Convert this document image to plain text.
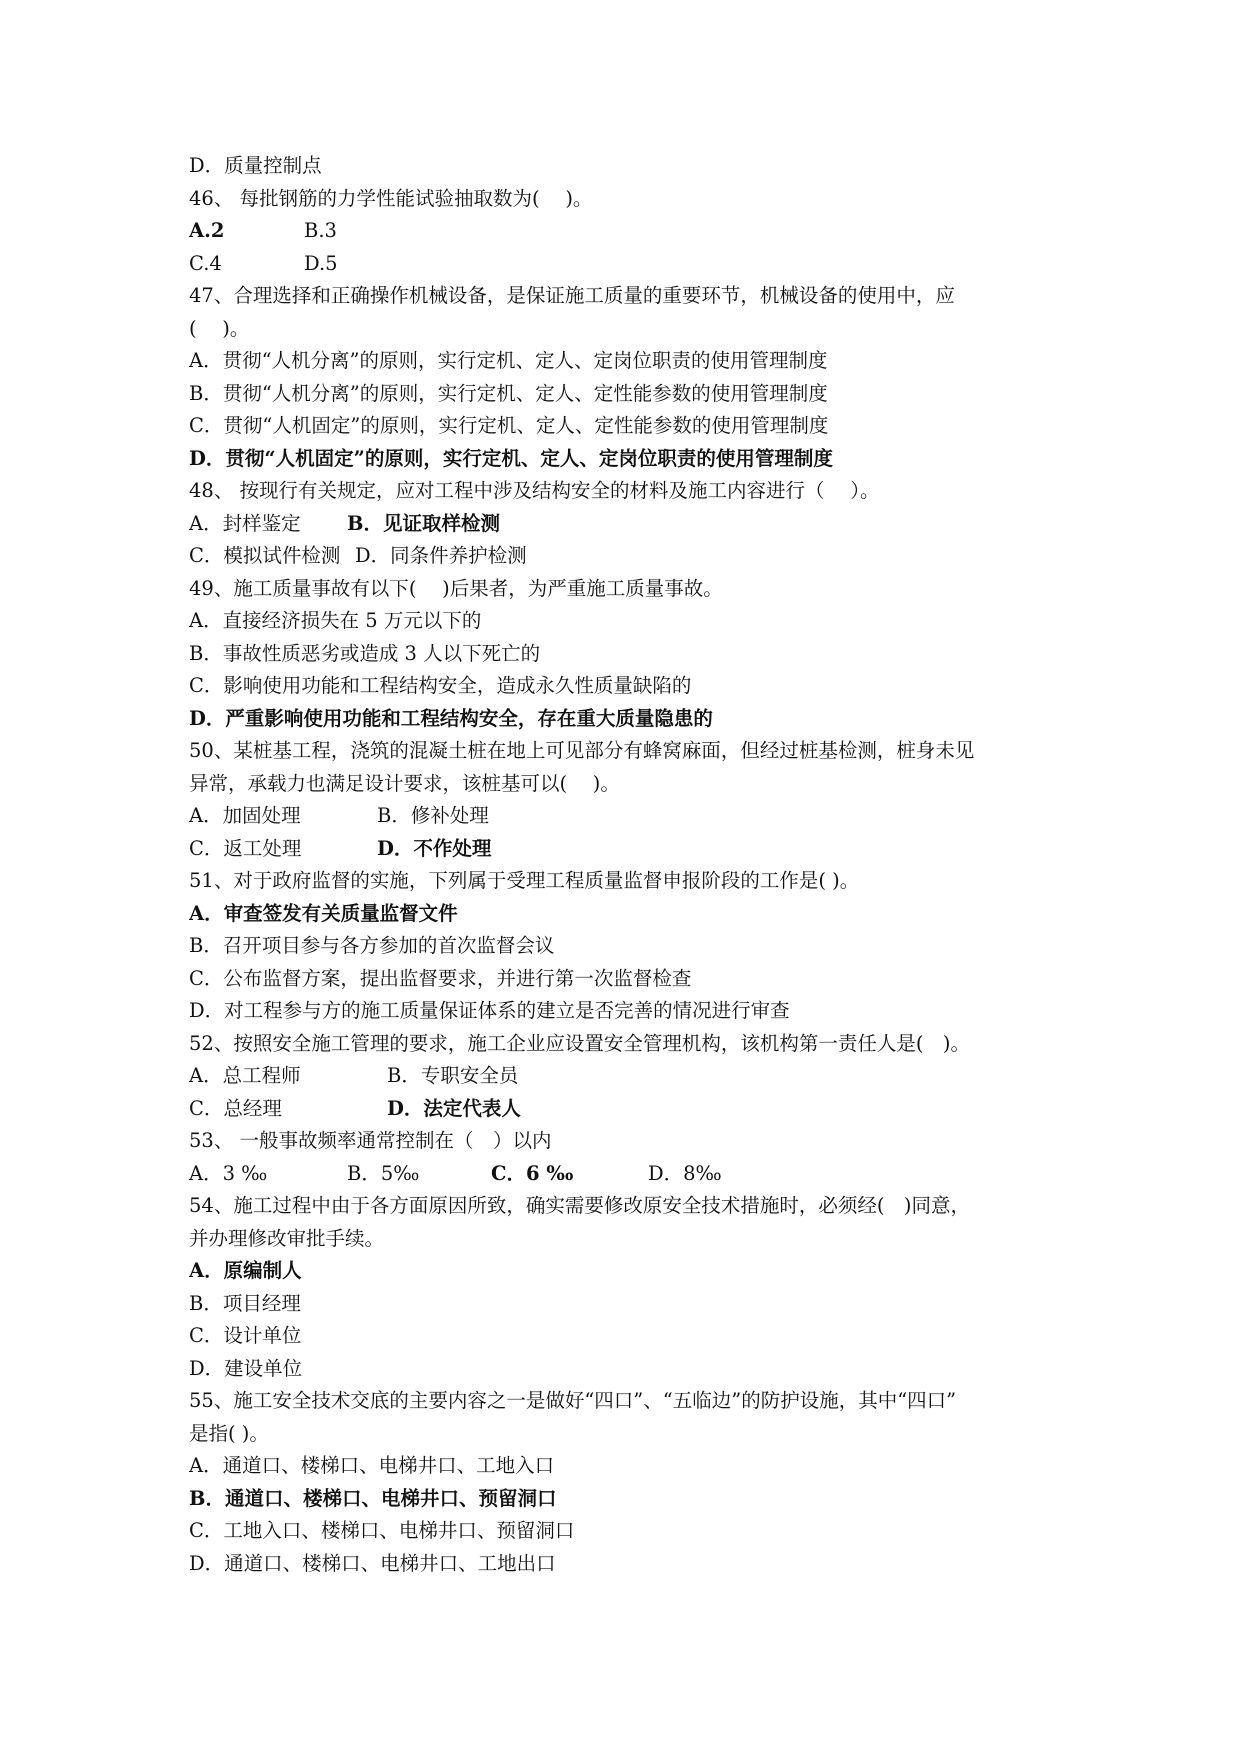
D．质量控制点
46、 每批钢筋的力学性能试验抽取数为(　 )。
A.2	B.3
C.4	D.5
47、合理选择和正确操作机械设备，是保证施工质量的重要环节，机械设备的使用中，应
(　 )。
A．贯彻“人机分离”的原则，实行定机、定人、定岗位职责的使用管理制度
B．贯彻“人机分离”的原则，实行定机、定人、定性能参数的使用管理制度
C．贯彻“人机固定”的原则，实行定机、定人、定性能参数的使用管理制度
D．贯彻“人机固定”的原则，实行定机、定人、定岗位职责的使用管理制度
48、 按现行有关规定，应对工程中涉及结构安全的材料及施工内容进行（　 ）。
A．封样鉴定 B．见证取样检测
C．模拟试件检测 D．同条件养护检测
49、施工质量事故有以下(　 )后果者，为严重施工质量事故。
A．直接经济损失在 5 万元以下的
B．事故性质恶劣或造成 3 人以下死亡的
C．影响使用功能和工程结构安全，造成永久性质量缺陷的
D．严重影响使用功能和工程结构安全，存在重大质量隐患的
50、某桩基工程，浇筑的混凝土桩在地上可见部分有蜂窝麻面，但经过桩基检测，桩身未见
异常，承载力也满足设计要求，该桩基可以(　 )。
A．加固处理	B．修补处理
C．返工处理	D．不作处理
51、对于政府监督的实施，下列属于受理工程质量监督申报阶段的工作是( )。
A．审查签发有关质量监督文件
B．召开项目参与各方参加的首次监督会议
C．公布监督方案，提出监督要求，并进行第一次监督检查
D．对工程参与方的施工质量保证体系的建立是否完善的情况进行审查
52、按照安全施工管理的要求，施工企业应设置安全管理机构，该机构第一责任人是(　)。
A．总工程师	B．专职安全员
C．总经理	D．法定代表人
53、 一般事故频率通常控制在（　）以内
A．3 ‰	B．5‰	C．6 ‰	D．8‰
54、施工过程中由于各方面原因所致，确实需要修改原安全技术措施时，必须经(　)同意，
并办理修改审批手续。
A．原编制人
B．项目经理
C．设计单位
D．建设单位
55、施工安全技术交底的主要内容之一是做好“四口”、“五临边”的防护设施，其中“四口”
是指( )。
A．通道口、楼梯口、电梯井口、工地入口
B．通道口、楼梯口、电梯井口、预留洞口
C．工地入口、楼梯口、电梯井口、预留洞口
D．通道口、楼梯口、电梯井口、工地出口
